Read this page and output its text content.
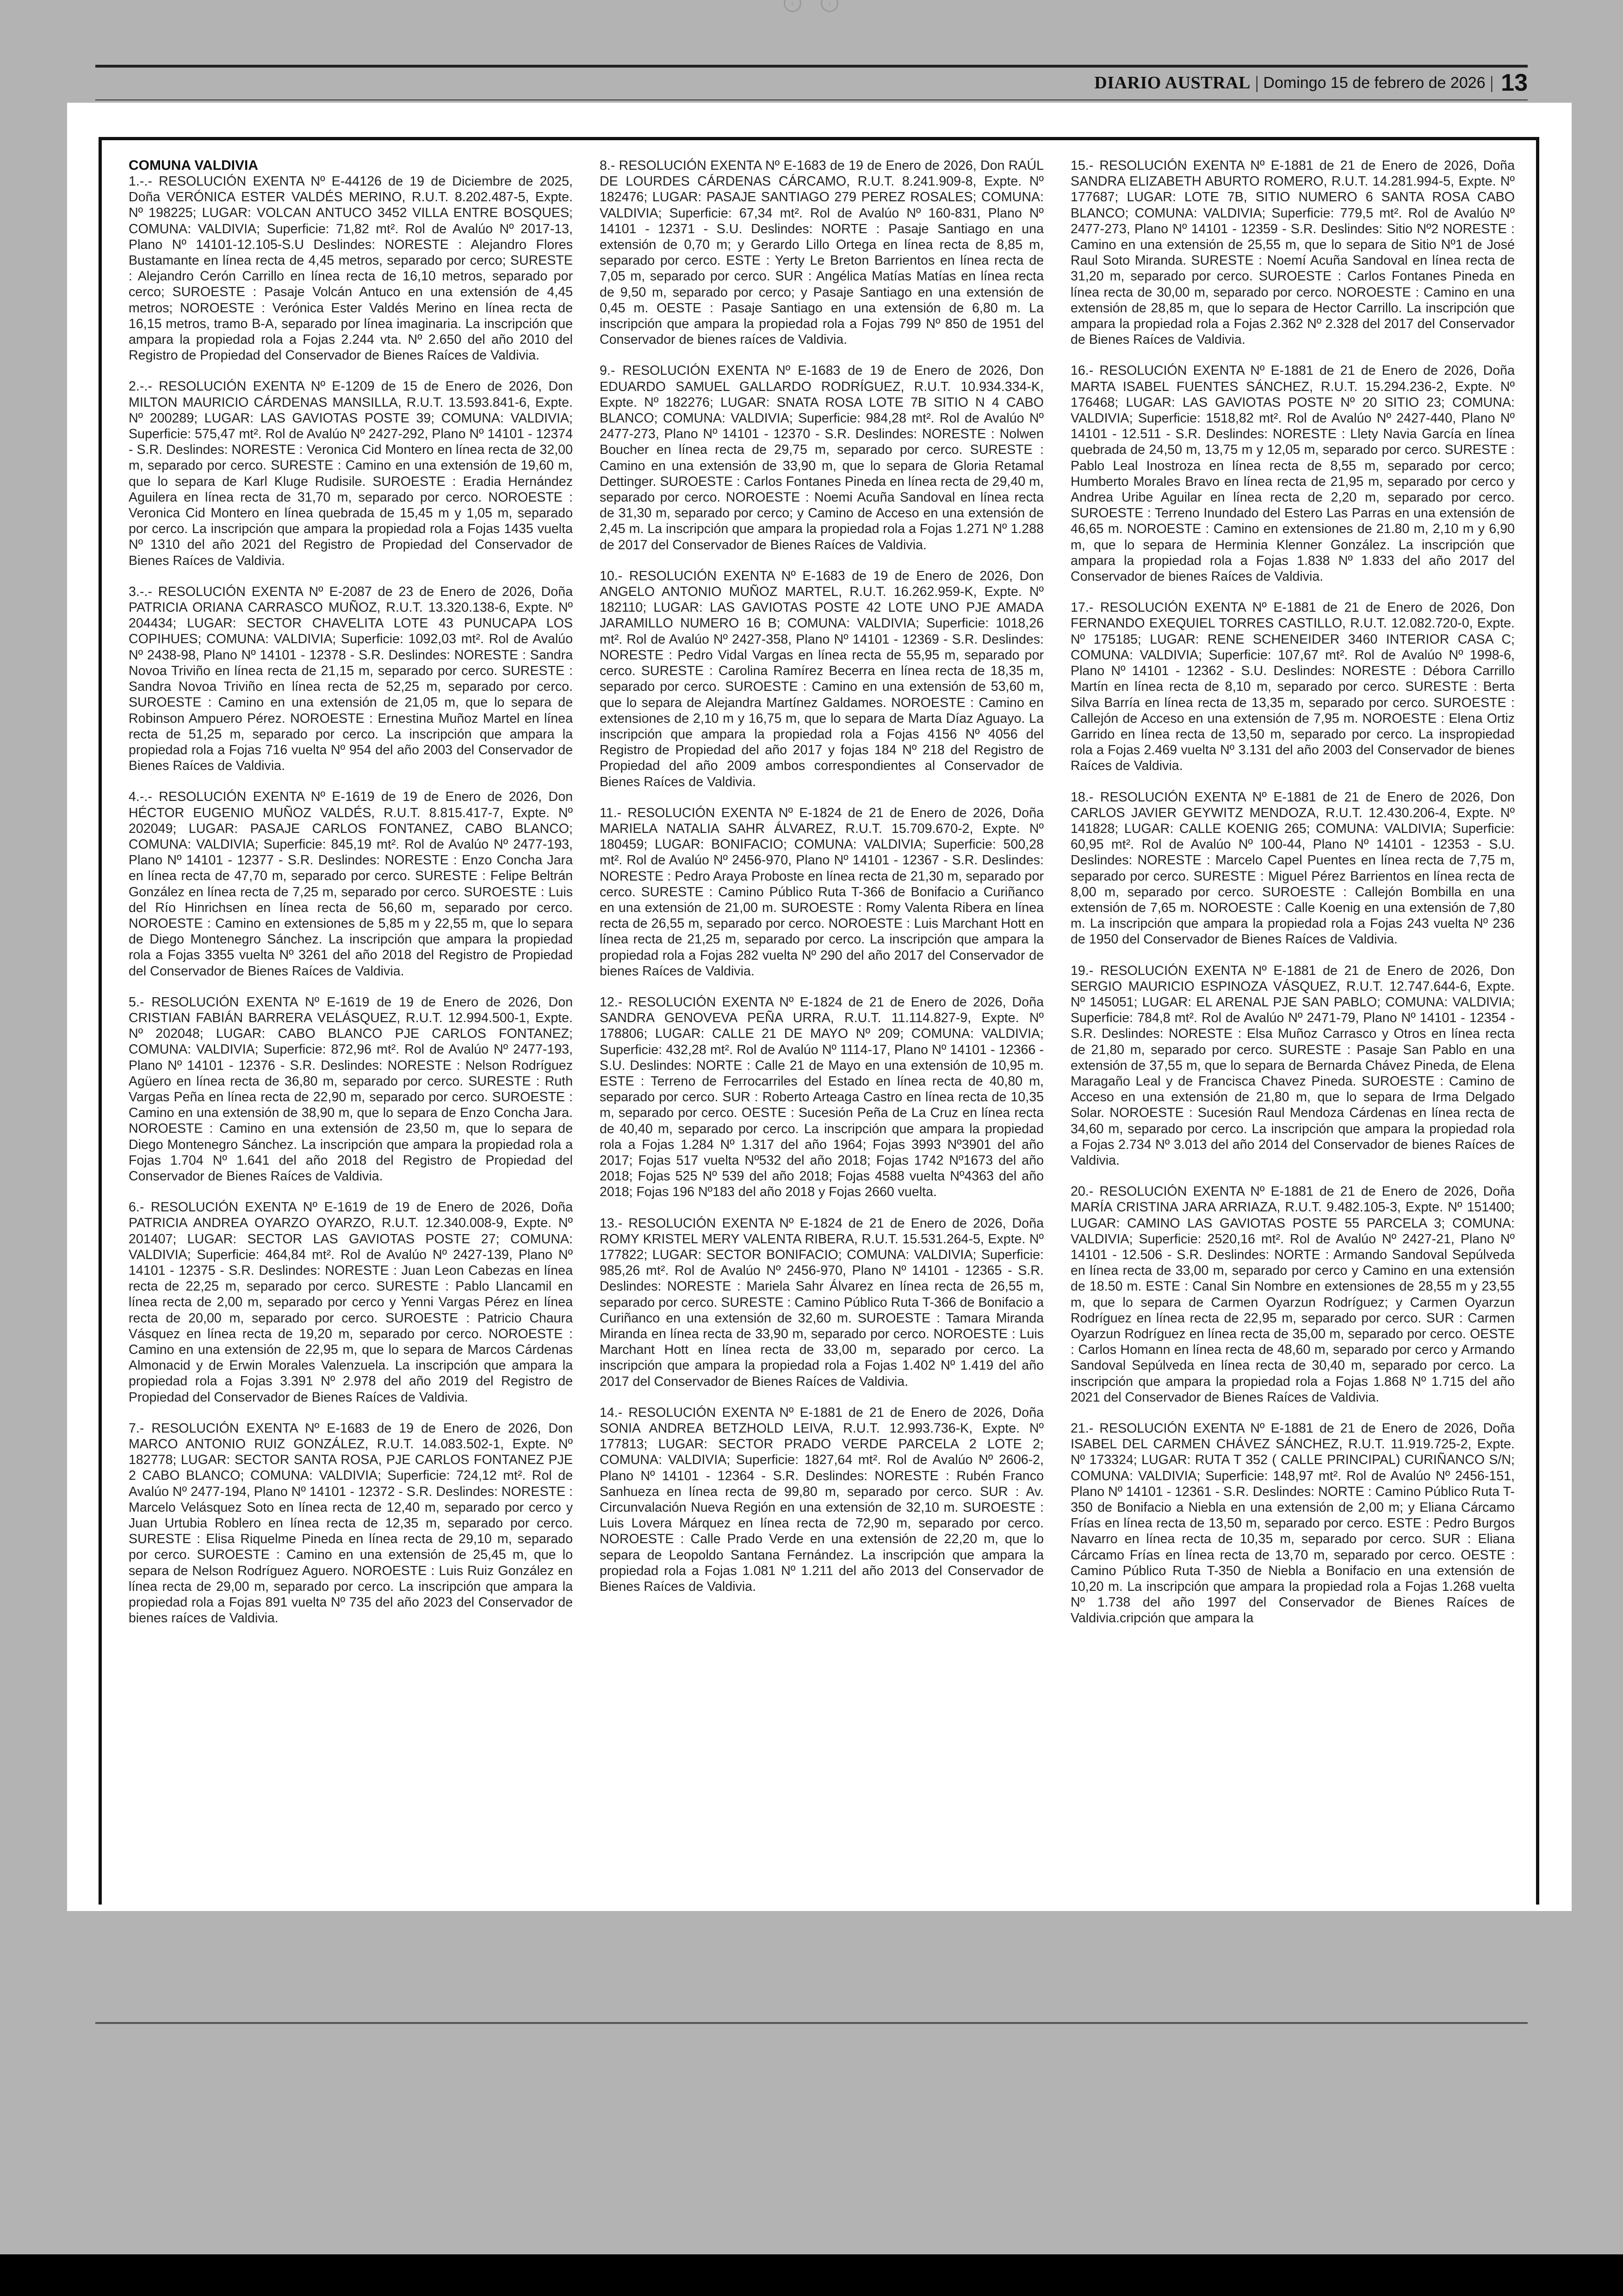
‹	›
DIARIO AUSTRAL | Domingo 15 de febrero de 2026 | 13
COMUNA VALDIVIA

1.-.- RESOLUCIÓN EXENTA Nº E-44126 de 19 de Diciembre de 2025, Doña VERÓNICA ESTER VALDÉS MERINO, R.U.T. 8.202.487-5, Expte. Nº 198225; LUGAR: VOLCAN ANTUCO 3452 VILLA ENTRE BOSQUES; COMUNA: VALDIVIA; Superficie: 71,82 mt². Rol de Avalúo Nº 2017-13, Plano Nº 14101-12.105-S.U Deslindes: NORESTE : Alejandro Flores Bustamante en línea recta de 4,45 metros, separado por cerco; SURESTE : Alejandro Cerón Carrillo en línea recta de 16,10 metros, separado por cerco; SUROESTE : Pasaje Volcán Antuco en una extensión de 4,45 metros; NOROESTE : Verónica Ester Valdés Merino en línea recta de 16,15 metros, tramo B-A, separado por línea imaginaria. La inscripción que ampara la propiedad rola a Fojas 2.244 vta. Nº 2.650 del año 2010 del Registro de Propiedad del Conservador de Bienes Raíces de Valdivia.

2.-.- RESOLUCIÓN EXENTA Nº E-1209 de 15 de Enero de 2026, Don MILTON MAURICIO CÁRDENAS MANSILLA, R.U.T. 13.593.841-6, Expte. Nº 200289; LUGAR: LAS GAVIOTAS POSTE 39; COMUNA: VALDIVIA; Superficie: 575,47 mt². Rol de Avalúo Nº 2427-292, Plano Nº 14101 - 12374 - S.R. Deslindes: NORESTE : Veronica Cid Montero en línea recta de 32,00 m, separado por cerco. SURESTE : Camino en una extensión de 19,60 m, que lo separa de Karl Kluge Rudisile. SUROESTE : Eradia Hernández Aguilera en línea recta de 31,70 m, separado por cerco. NOROESTE : Veronica Cid Montero en línea quebrada de 15,45 m y 1,05 m, separado por cerco. La inscripción que ampara la propiedad rola a Fojas 1435 vuelta Nº 1310 del año 2021 del Registro de Propiedad del Conservador de Bienes Raíces de Valdivia.

3.-.- RESOLUCIÓN EXENTA Nº E-2087 de 23 de Enero de 2026, Doña PATRICIA ORIANA CARRASCO MUÑOZ, R.U.T. 13.320.138-6, Expte. Nº 204434; LUGAR: SECTOR CHAVELITA LOTE 43 PUNUCAPA LOS COPIHUES; COMUNA: VALDIVIA; Superficie: 1092,03 mt². Rol de Avalúo Nº 2438-98, Plano Nº 14101 - 12378 - S.R. Deslindes: NORESTE : Sandra Novoa Triviño en línea recta de 21,15 m, separado por cerco. SURESTE : Sandra Novoa Triviño en línea recta de 52,25 m, separado por cerco. SUROESTE : Camino en una extensión de 21,05 m, que lo separa de Robinson Ampuero Pérez. NOROESTE : Ernestina Muñoz Martel en línea recta de 51,25 m, separado por cerco. La inscripción que ampara la propiedad rola a Fojas 716 vuelta Nº 954 del año 2003 del Conservador de Bienes Raíces de Valdivia.

4.-.- RESOLUCIÓN EXENTA Nº E-1619 de 19 de Enero de 2026, Don HÉCTOR EUGENIO MUÑOZ VALDÉS, R.U.T. 8.815.417-7, Expte. Nº 202049; LUGAR: PASAJE CARLOS FONTANEZ, CABO BLANCO; COMUNA: VALDIVIA; Superficie: 845,19 mt². Rol de Avalúo Nº 2477-193, Plano Nº 14101 - 12377 - S.R. Deslindes: NORESTE : Enzo Concha Jara en línea recta de 47,70 m, separado por cerco. SURESTE : Felipe Beltrán González en línea recta de 7,25 m, separado por cerco. SUROESTE : Luis del Río Hinrichsen en línea recta de 56,60 m, separado por cerco. NOROESTE : Camino en extensiones de 5,85 m y 22,55 m, que lo separa de Diego Montenegro Sánchez. La inscripción que ampara la propiedad rola a Fojas 3355 vuelta Nº 3261 del año 2018 del Registro de Propiedad del Conservador de Bienes Raíces de Valdivia.

5.- RESOLUCIÓN EXENTA Nº E-1619 de 19 de Enero de 2026, Don CRISTIAN FABIÁN BARRERA VELÁSQUEZ, R.U.T. 12.994.500-1, Expte. Nº 202048; LUGAR: CABO BLANCO PJE CARLOS FONTANEZ; COMUNA: VALDIVIA; Superficie: 872,96 mt². Rol de Avalúo Nº 2477-193, Plano Nº 14101 - 12376 - S.R. Deslindes: NORESTE : Nelson Rodríguez Agüero en línea recta de 36,80 m, separado por cerco. SURESTE : Ruth Vargas Peña en línea recta de 22,90 m, separado por cerco. SUROESTE : Camino en una extensión de 38,90 m, que lo separa de Enzo Concha Jara. NOROESTE : Camino en una extensión de 23,50 m, que lo separa de Diego Montenegro Sánchez. La inscripción que ampara la propiedad rola a Fojas 1.704 Nº 1.641 del año 2018 del Registro de Propiedad del Conservador de Bienes Raíces de Valdivia.

6.- RESOLUCIÓN EXENTA Nº E-1619 de 19 de Enero de 2026, Doña PATRICIA ANDREA OYARZO OYARZO, R.U.T. 12.340.008-9, Expte. Nº 201407; LUGAR: SECTOR LAS GAVIOTAS POSTE 27; COMUNA: VALDIVIA; Superficie: 464,84 mt². Rol de Avalúo Nº 2427-139, Plano Nº 14101 - 12375 - S.R. Deslindes: NORESTE : Juan Leon Cabezas en línea recta de 22,25 m, separado por cerco. SURESTE : Pablo Llancamil en línea recta de 2,00 m, separado por cerco y Yenni Vargas Pérez en línea recta de 20,00 m, separado por cerco. SUROESTE : Patricio Chaura Vásquez en línea recta de 19,20 m, separado por cerco. NOROESTE : Camino en una extensión de 22,95 m, que lo separa de Marcos Cárdenas Almonacid y de Erwin Morales Valenzuela. La inscripción que ampara la propiedad rola a Fojas 3.391 Nº 2.978 del año 2019 del Registro de Propiedad del Conservador de Bienes Raíces de Valdivia.

7.- RESOLUCIÓN EXENTA Nº E-1683 de 19 de Enero de 2026, Don MARCO ANTONIO RUIZ GONZÁLEZ, R.U.T. 14.083.502-1, Expte. Nº 182778; LUGAR: SECTOR SANTA ROSA, PJE CARLOS FONTANEZ PJE 2 CABO BLANCO; COMUNA: VALDIVIA; Superficie: 724,12 mt². Rol de Avalúo Nº 2477-194, Plano Nº 14101 - 12372 - S.R. Deslindes: NORESTE : Marcelo Velásquez Soto en línea recta de 12,40 m, separado por cerco y Juan Urtubia Roblero en línea recta de 12,35 m, separado por cerco. SURESTE : Elisa Riquelme Pineda en línea recta de 29,10 m, separado por cerco. SUROESTE : Camino en una extensión de 25,45 m, que lo separa de Nelson Rodríguez Aguero. NOROESTE : Luis Ruiz González en línea recta de 29,00 m, separado por cerco. La inscripción que ampara la propiedad rola a Fojas 891 vuelta Nº 735 del año 2023 del Conservador de bienes raíces de Valdivia.

8.- RESOLUCIÓN EXENTA Nº E-1683 de 19 de Enero de 2026, Don RAÚL DE LOURDES CÁRDENAS CÁRCAMO, R.U.T. 8.241.909-8, Expte. Nº 182476; LUGAR: PASAJE SANTIAGO 279 PEREZ ROSALES; COMUNA: VALDIVIA; Superficie: 67,34 mt². Rol de Avalúo Nº 160-831, Plano Nº 14101 - 12371 - S.U. Deslindes: NORTE : Pasaje Santiago en una extensión de 0,70 m; y Gerardo Lillo Ortega en línea recta de 8,85 m, separado por cerco. ESTE : Yerty Le Breton Barrientos en línea recta de 7,05 m, separado por cerco. SUR : Angélica Matías Matías en línea recta de 9,50 m, separado por cerco; y Pasaje Santiago en una extensión de 0,45 m. OESTE : Pasaje Santiago en una extensión de 6,80 m. La inscripción que ampara la propiedad rola a Fojas 799 Nº 850 de 1951 del Conservador de bienes raíces de Valdivia.

9.- RESOLUCIÓN EXENTA Nº E-1683 de 19 de Enero de 2026, Don EDUARDO SAMUEL GALLARDO RODRÍGUEZ, R.U.T. 10.934.334-K, Expte. Nº 182276; LUGAR: SNATA ROSA LOTE 7B SITIO N 4 CABO BLANCO; COMUNA: VALDIVIA; Superficie: 984,28 mt². Rol de Avalúo Nº 2477-273, Plano Nº 14101 - 12370 - S.R. Deslindes: NORESTE : Nolwen Boucher en línea recta de 29,75 m, separado por cerco. SURESTE : Camino en una extensión de 33,90 m, que lo separa de Gloria Retamal Dettinger. SUROESTE : Carlos Fontanes Pineda en línea recta de 29,40 m, separado por cerco. NOROESTE : Noemi Acuña Sandoval en línea recta de 31,30 m, separado por cerco; y Camino de Acceso en una extensión de 2,45 m. La inscripción que ampara la propiedad rola a Fojas 1.271 Nº 1.288 de 2017 del Conservador de Bienes Raíces de Valdivia.

10.- RESOLUCIÓN EXENTA Nº E-1683 de 19 de Enero de 2026, Don ANGELO ANTONIO MUÑOZ MARTEL, R.U.T. 16.262.959-K, Expte. Nº 182110; LUGAR: LAS GAVIOTAS POSTE 42 LOTE UNO PJE AMADA JARAMILLO NUMERO 16 B; COMUNA: VALDIVIA; Superficie: 1018,26 mt². Rol de Avalúo Nº 2427-358, Plano Nº 14101 - 12369 - S.R. Deslindes: NORESTE : Pedro Vidal Vargas en línea recta de 55,95 m, separado por cerco. SURESTE : Carolina Ramírez Becerra en línea recta de 18,35 m, separado por cerco. SUROESTE : Camino en una extensión de 53,60 m, que lo separa de Alejandra Martínez Galdames. NOROESTE : Camino en extensiones de 2,10 m y 16,75 m, que lo separa de Marta Díaz Aguayo. La inscripción que ampara la propiedad rola a Fojas 4156 Nº 4056 del Registro de Propiedad del año 2017 y fojas 184 Nº 218 del Registro de Propiedad del año 2009 ambos correspondientes al Conservador de Bienes Raíces de Valdivia.

11.- RESOLUCIÓN EXENTA Nº E-1824 de 21 de Enero de 2026, Doña MARIELA NATALIA SAHR ÁLVAREZ, R.U.T. 15.709.670-2, Expte. Nº 180459; LUGAR: BONIFACIO; COMUNA: VALDIVIA; Superficie: 500,28 mt². Rol de Avalúo Nº 2456-970, Plano Nº 14101 - 12367 - S.R. Deslindes: NORESTE : Pedro Araya Proboste en línea recta de 21,30 m, separado por cerco. SURESTE : Camino Público Ruta T-366 de Bonifacio a Curiñanco en una extensión de 21,00 m. SUROESTE : Romy Valenta Ribera en línea recta de 26,55 m, separado por cerco. NOROESTE : Luis Marchant Hott en línea recta de 21,25 m, separado por cerco. La inscripción que ampara la propiedad rola a Fojas 282 vuelta Nº 290 del año 2017 del Conservador de bienes Raíces de Valdivia.

12.- RESOLUCIÓN EXENTA Nº E-1824 de 21 de Enero de 2026, Doña SANDRA GENOVEVA PEÑA URRA, R.U.T. 11.114.827-9, Expte. Nº 178806; LUGAR: CALLE 21 DE MAYO Nº 209; COMUNA: VALDIVIA; Superficie: 432,28 mt². Rol de Avalúo Nº 1114-17, Plano Nº 14101 - 12366 - S.U. Deslindes: NORTE : Calle 21 de Mayo en una extensión de 10,95 m. ESTE : Terreno de Ferrocarriles del Estado en línea recta de 40,80 m, separado por cerco. SUR : Roberto Arteaga Castro en línea recta de 10,35 m, separado por cerco. OESTE : Sucesión Peña de La Cruz en línea recta de 40,40 m, separado por cerco. La inscripción que ampara la propiedad rola a Fojas 1.284 Nº 1.317 del año 1964; Fojas 3993 Nº3901 del año 2017; Fojas 517 vuelta Nº532 del año 2018; Fojas 1742 Nº1673 del año 2018; Fojas 525 Nº 539 del año 2018; Fojas 4588 vuelta Nº4363 del año 2018; Fojas 196 Nº183 del año 2018 y Fojas 2660 vuelta.

13.- RESOLUCIÓN EXENTA Nº E-1824 de 21 de Enero de 2026, Doña ROMY KRISTEL MERY VALENTA RIBERA, R.U.T. 15.531.264-5, Expte. Nº 177822; LUGAR: SECTOR BONIFACIO; COMUNA: VALDIVIA; Superficie: 985,26 mt². Rol de Avalúo Nº 2456-970, Plano Nº 14101 - 12365 - S.R. Deslindes: NORESTE : Mariela Sahr Álvarez en línea recta de 26,55 m, separado por cerco. SURESTE : Camino Público Ruta T-366 de Bonifacio a Curiñanco en una extensión de 32,60 m. SUROESTE : Tamara Miranda Miranda en línea recta de 33,90 m, separado por cerco. NOROESTE : Luis Marchant Hott en línea recta de 33,00 m, separado por cerco. La inscripción que ampara la propiedad rola a Fojas 1.402 Nº 1.419 del año 2017 del Conservador de Bienes Raíces de Valdivia.

14.- RESOLUCIÓN EXENTA Nº E-1881 de 21 de Enero de 2026, Doña SONIA ANDREA BETZHOLD LEIVA, R.U.T. 12.993.736-K, Expte. Nº 177813; LUGAR: SECTOR PRADO VERDE PARCELA 2 LOTE 2; COMUNA: VALDIVIA; Superficie: 1827,64 mt². Rol de Avalúo Nº 2606-2, Plano Nº 14101 - 12364 - S.R. Deslindes: NORESTE : Rubén Franco Sanhueza en línea recta de 99,80 m, separado por cerco. SUR : Av. Circunvalación Nueva Región en una extensión de 32,10 m. SUROESTE : Luis Lovera Márquez en línea recta de 72,90 m, separado por cerco. NOROESTE : Calle Prado Verde en una extensión de 22,20 m, que lo separa de Leopoldo Santana Fernández. La inscripción que ampara la propiedad rola a Fojas 1.081 Nº 1.211 del año 2013 del Conservador de Bienes Raíces de Valdivia.

15.- RESOLUCIÓN EXENTA Nº E-1881 de 21 de Enero de 2026, Doña SANDRA ELIZABETH ABURTO ROMERO, R.U.T. 14.281.994-5, Expte. Nº 177687; LUGAR: LOTE 7B, SITIO NUMERO 6 SANTA ROSA CABO BLANCO; COMUNA: VALDIVIA; Superficie: 779,5 mt². Rol de Avalúo Nº 2477-273, Plano Nº 14101 - 12359 - S.R. Deslindes: Sitio Nº2 NORESTE : Camino en una extensión de 25,55 m, que lo separa de Sitio Nº1 de José Raul Soto Miranda. SURESTE : Noemí Acuña Sandoval en línea recta de 31,20 m, separado por cerco. SUROESTE : Carlos Fontanes Pineda en línea recta de 30,00 m, separado por cerco. NOROESTE : Camino en una extensión de 28,85 m, que lo separa de Hector Carrillo. La inscripción que ampara la propiedad rola a Fojas 2.362 Nº 2.328 del 2017 del Conservador de Bienes Raíces de Valdivia.

16.- RESOLUCIÓN EXENTA Nº E-1881 de 21 de Enero de 2026, Doña MARTA ISABEL FUENTES SÁNCHEZ, R.U.T. 15.294.236-2, Expte. Nº 176468; LUGAR: LAS GAVIOTAS POSTE Nº 20 SITIO 23; COMUNA: VALDIVIA; Superficie: 1518,82 mt². Rol de Avalúo Nº 2427-440, Plano Nº 14101 - 12.511 - S.R. Deslindes: NORESTE : Llety Navia García en línea quebrada de 24,50 m, 13,75 m y 12,05 m, separado por cerco. SURESTE : Pablo Leal Inostroza en línea recta de 8,55 m, separado por cerco; Humberto Morales Bravo en línea recta de 21,95 m, separado por cerco y Andrea Uribe Aguilar en línea recta de 2,20 m, separado por cerco. SUROESTE : Terreno Inundado del Estero Las Parras en una extensión de 46,65 m. NOROESTE : Camino en extensiones de 21.80 m, 2,10 m y 6,90 m, que lo separa de Herminia Klenner González. La inscripción que ampara la propiedad rola a Fojas 1.838 Nº 1.833 del año 2017 del Conservador de bienes Raíces de Valdivia.

17.- RESOLUCIÓN EXENTA Nº E-1881 de 21 de Enero de 2026, Don FERNANDO EXEQUIEL TORRES CASTILLO, R.U.T. 12.082.720-0, Expte. Nº 175185; LUGAR: RENE SCHENEIDER 3460 INTERIOR CASA C; COMUNA: VALDIVIA; Superficie: 107,67 mt². Rol de Avalúo Nº 1998-6, Plano Nº 14101 - 12362 - S.U. Deslindes: NORESTE : Débora Carrillo Martín en línea recta de 8,10 m, separado por cerco. SURESTE : Berta Silva Barría en línea recta de 13,35 m, separado por cerco. SUROESTE : Callejón de Acceso en una extensión de 7,95 m. NOROESTE : Elena Ortiz Garrido en línea recta de 13,50 m, separado por cerco. La inspropiedad rola a Fojas 2.469 vuelta Nº 3.131 del año 2003 del Conservador de bienes Raíces de Valdivia.

18.- RESOLUCIÓN EXENTA Nº E-1881 de 21 de Enero de 2026, Don CARLOS JAVIER GEYWITZ MENDOZA, R.U.T. 12.430.206-4, Expte. Nº 141828; LUGAR: CALLE KOENIG 265; COMUNA: VALDIVIA; Superficie: 60,95 mt². Rol de Avalúo Nº 100-44, Plano Nº 14101 - 12353 - S.U. Deslindes: NORESTE : Marcelo Capel Puentes en línea recta de 7,75 m, separado por cerco. SURESTE : Miguel Pérez Barrientos en línea recta de 8,00 m, separado por cerco. SUROESTE : Callejón Bombilla en una extensión de 7,65 m. NOROESTE : Calle Koenig en una extensión de 7,80 m. La inscripción que ampara la propiedad rola a Fojas 243 vuelta Nº 236 de 1950 del Conservador de Bienes Raíces de Valdivia.

19.- RESOLUCIÓN EXENTA Nº E-1881 de 21 de Enero de 2026, Don SERGIO MAURICIO ESPINOZA VÁSQUEZ, R.U.T. 12.747.644-6, Expte. Nº 145051; LUGAR: EL ARENAL PJE SAN PABLO; COMUNA: VALDIVIA; Superficie: 784,8 mt². Rol de Avalúo Nº 2471-79, Plano Nº 14101 - 12354 - S.R. Deslindes: NORESTE : Elsa Muñoz Carrasco y Otros en línea recta de 21,80 m, separado por cerco. SURESTE : Pasaje San Pablo en una extensión de 37,55 m, que lo separa de Bernarda Chávez Pineda, de Elena Maragaño Leal y de Francisca Chavez Pineda. SUROESTE : Camino de Acceso en una extensión de 21,80 m, que lo separa de Irma Delgado Solar. NOROESTE : Sucesión Raul Mendoza Cárdenas en línea recta de 34,60 m, separado por cerco. La inscripción que ampara la propiedad rola a Fojas 2.734 Nº 3.013 del año 2014 del Conservador de bienes Raíces de Valdivia.

20.- RESOLUCIÓN EXENTA Nº E-1881 de 21 de Enero de 2026, Doña MARÍA CRISTINA JARA ARRIAZA, R.U.T. 9.482.105-3, Expte. Nº 151400; LUGAR: CAMINO LAS GAVIOTAS POSTE 55 PARCELA 3; COMUNA: VALDIVIA; Superficie: 2520,16 mt². Rol de Avalúo Nº 2427-21, Plano Nº 14101 - 12.506 - S.R. Deslindes: NORTE : Armando Sandoval Sepúlveda en línea recta de 33,00 m, separado por cerco y Camino en una extensión de 18.50 m. ESTE : Canal Sin Nombre en extensiones de 28,55 m y 23,55 m, que lo separa de Carmen Oyarzun Rodríguez; y Carmen Oyarzun Rodríguez en línea recta de 22,95 m, separado por cerco. SUR : Carmen Oyarzun Rodríguez en línea recta de 35,00 m, separado por cerco. OESTE : Carlos Homann en línea recta de 48,60 m, separado por cerco y Armando Sandoval Sepúlveda en línea recta de 30,40 m, separado por cerco. La inscripción que ampara la propiedad rola a Fojas 1.868 Nº 1.715 del año 2021 del Conservador de Bienes Raíces de Valdivia.

21.- RESOLUCIÓN EXENTA Nº E-1881 de 21 de Enero de 2026, Doña ISABEL DEL CARMEN CHÁVEZ SÁNCHEZ, R.U.T. 11.919.725-2, Expte. Nº 173324; LUGAR: RUTA T 352 ( CALLE PRINCIPAL) CURIÑANCO S/N; COMUNA: VALDIVIA; Superficie: 148,97 mt². Rol de Avalúo Nº 2456-151, Plano Nº 14101 - 12361 - S.R. Deslindes: NORTE : Camino Público Ruta T-350 de Bonifacio a Niebla en una extensión de 2,00 m; y Eliana Cárcamo Frías en línea recta de 13,50 m, separado por cerco. ESTE : Pedro Burgos Navarro en línea recta de 10,35 m, separado por cerco. SUR : Eliana Cárcamo Frías en línea recta de 13,70 m, separado por cerco. OESTE : Camino Público Ruta T-350 de Niebla a Bonifacio en una extensión de 10,20 m. La inscripción que ampara la propiedad rola a Fojas 1.268 vuelta Nº 1.738 del año 1997 del Conservador de Bienes Raíces de Valdivia.cripción que ampara la
